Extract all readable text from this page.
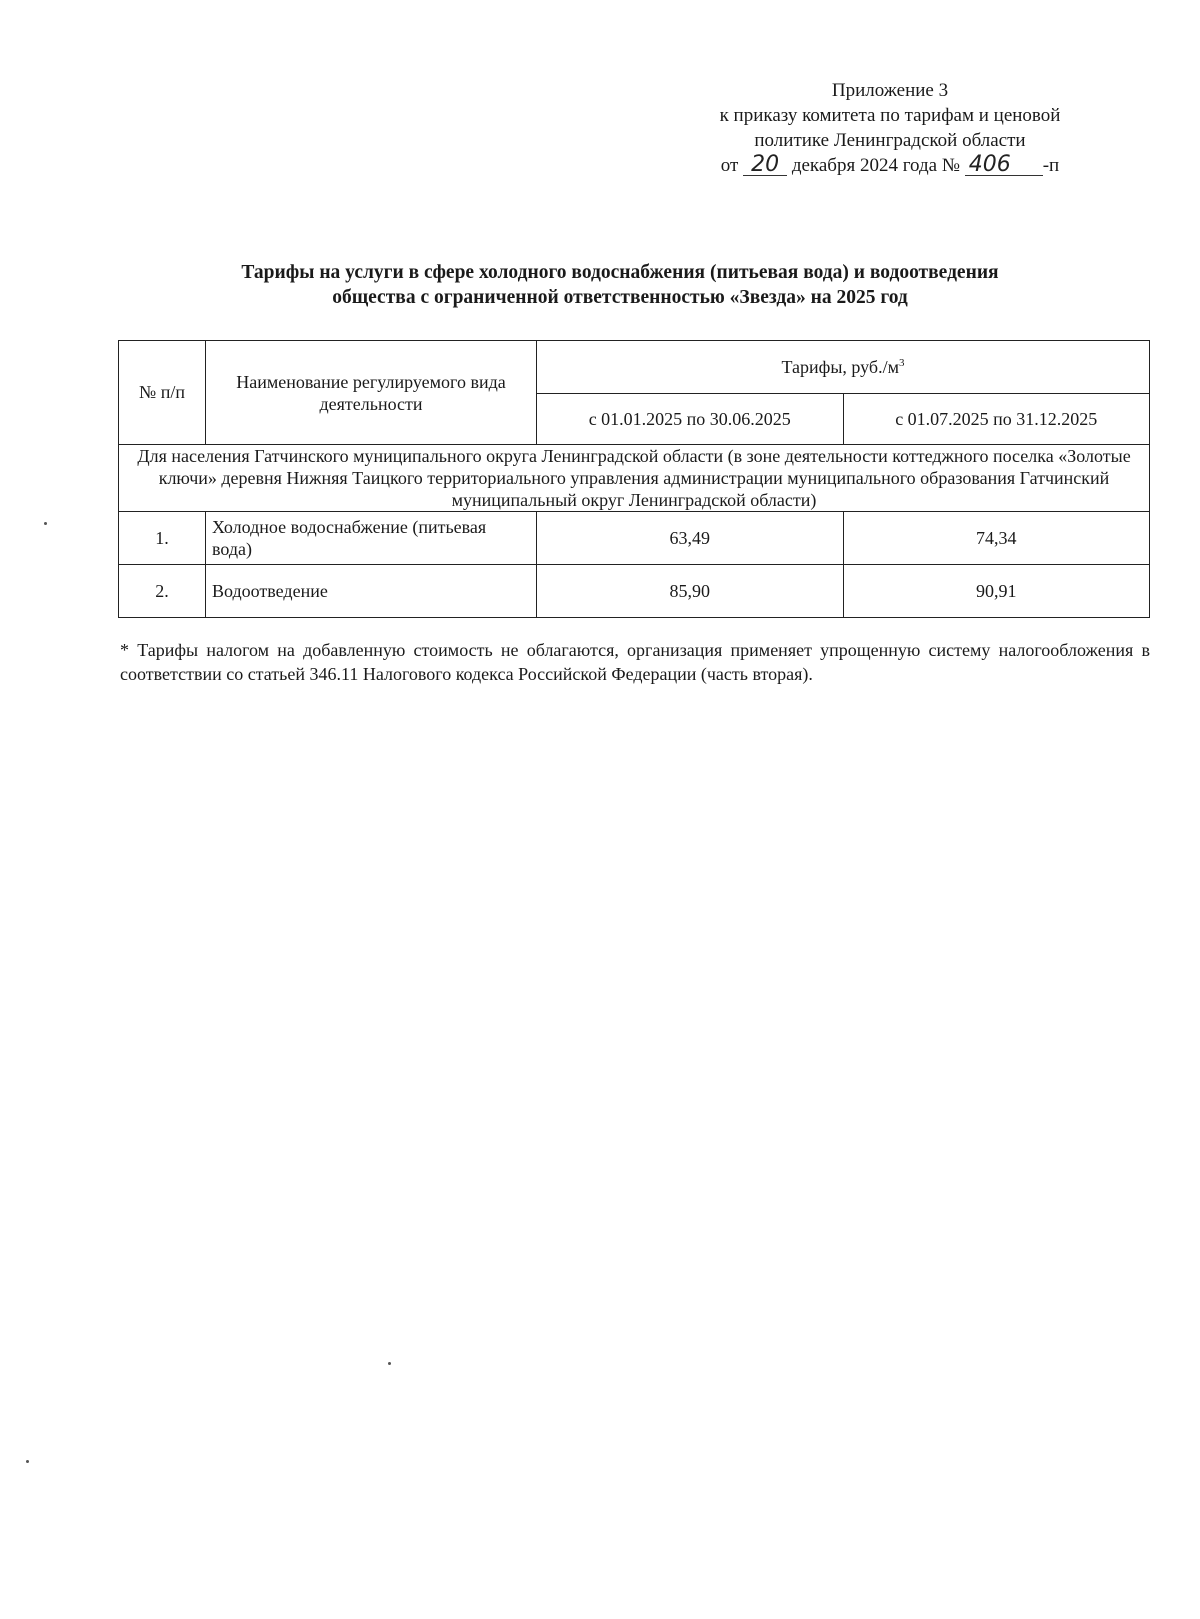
Приложение 3
к приказу комитета по тарифам и ценовой
политике Ленинградской области
от 20 декабря 2024 года № 406 -п
Тарифы на услуги в сфере холодного водоснабжения (питьевая вода) и водоотведения
общества с ограниченной ответственностью «Звезда» на 2025 год
№ п/п	Наименование регулируемого вида деятельности	Тарифы, $руб./м^3$
		с 01.01.2025 по 30.06.2025	с 01.07.2025 по 31.12.2025
Для населения Гатчинского муниципального округа Ленинградской области (в зоне деятельности коттеджного поселка «Золотые ключи» деревня Нижняя Таицкого территориального управления администрации муниципального образования Гатчинский муниципальный округ Ленинградской области)			
1.	Холодное водоснабжение (питьевая вода)	63,49	74,34
2.	Водоотведение	85,90	90,91
* Тарифы налогом на добавленную стоимость не облагаются, организация применяет упрощенную систему налогообложения в соответствии со статьей 346.11 Налогового кодекса Российской Федерации (часть вторая).
